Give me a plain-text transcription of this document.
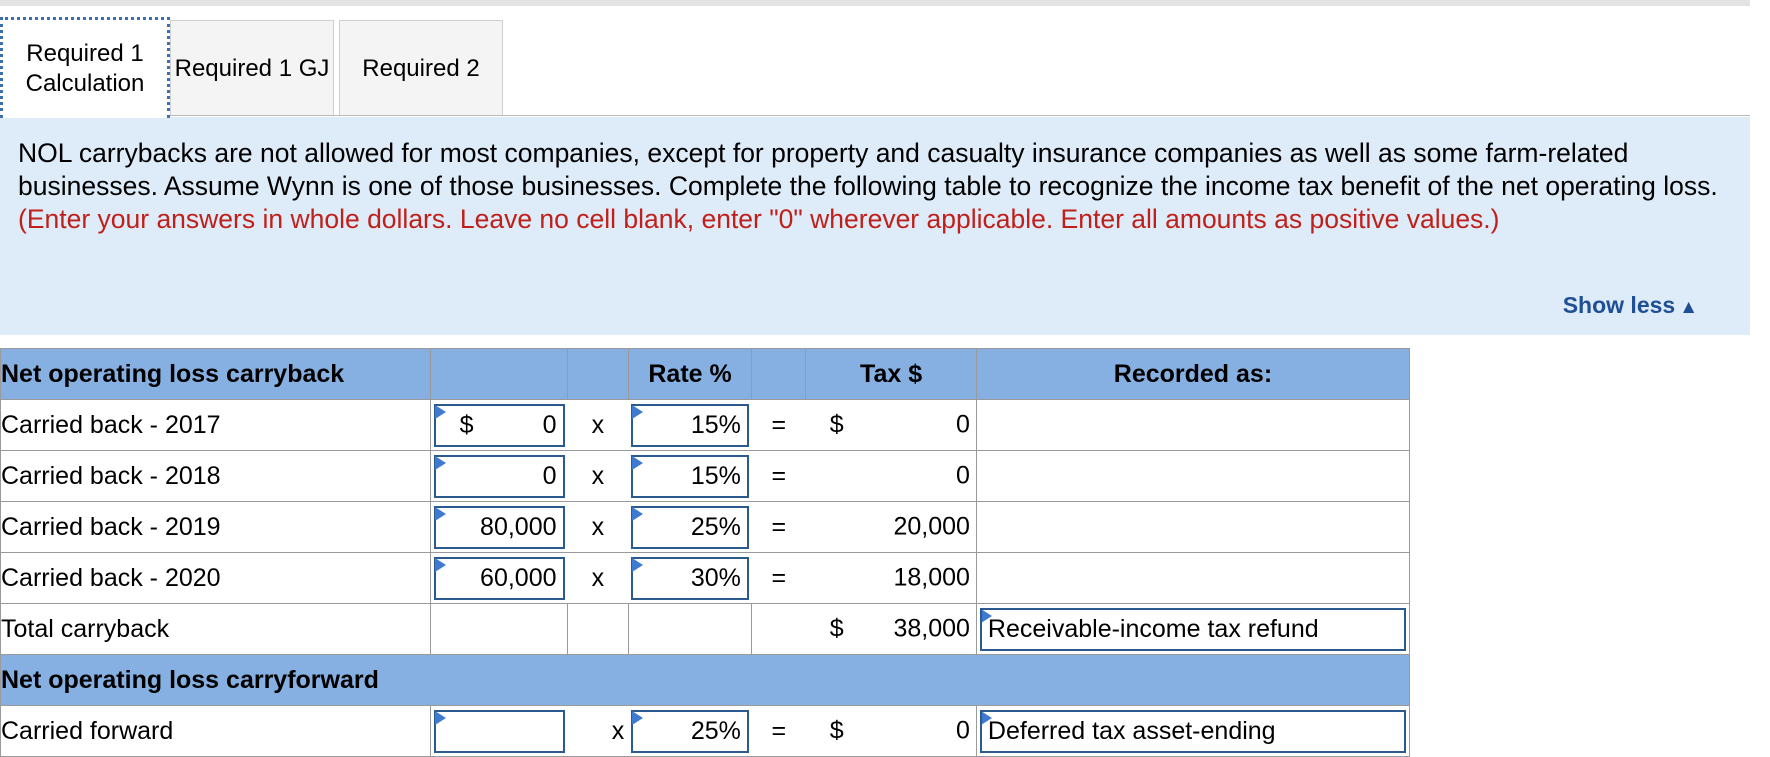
Required 1
Calculation
Required 1 GJ Required 2
NOL carrybacks are not allowed for most companies, except for property and casualty insurance companies as well as some farm-related businesses. Assume Wynn is one of those businesses. Complete the following table to recognize the income tax benefit of the net operating loss. (Enter your answers in whole dollars. Leave no cell blank, enter "0" wherever applicable. Enter all amounts as positive values.)
Show less ▲
Net operating loss carryback			Rate %		Tax $	Recorded as:
Carried back - 2017	$ 0	x	15%	=	$ 0	

Carried back - 2018	0	x	15%	=	0	

Carried back - 2019	80,000	x	25%	=	20,000	

Carried back - 2020	60,000	x	30%	=	18,000	

Total carryback					$ 38,000	Receivable-income tax refund

Net operating loss carryforward						
Carried forward		x	25%	=	$ 0	Deferred tax asset-ending
